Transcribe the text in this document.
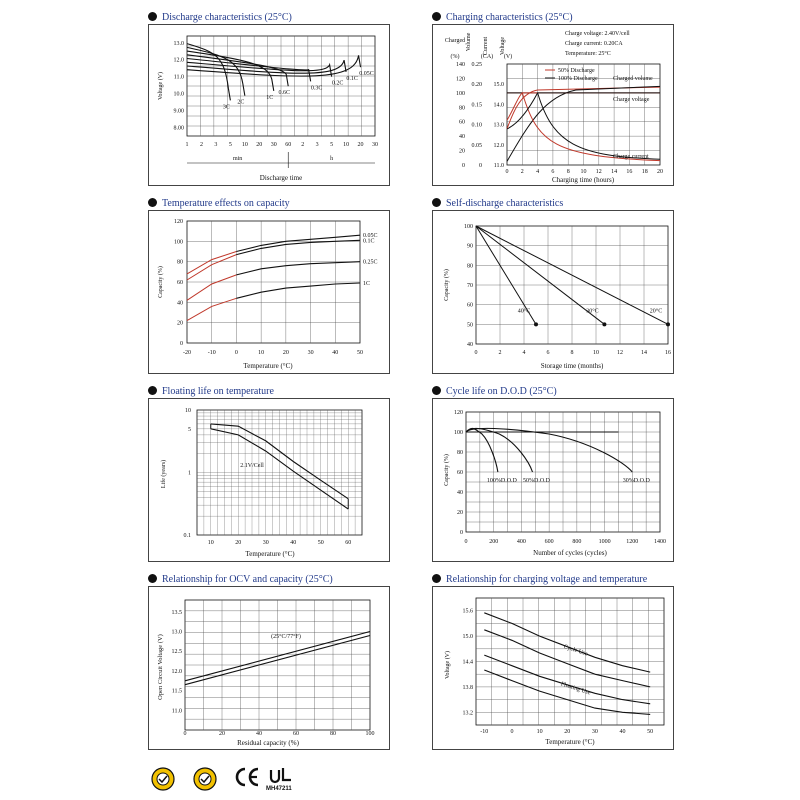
Discharge characteristics (25°C)	Charging characteristics (25°C)
Temperature effects on capacity	Self-discharge characteristics
Floating life on temperature	Cycle life on D.O.D (25°C)
Relationship for OCV and capacity (25°C)	Relationship for charging voltage and temperature
1 2 3 5 10 20 30 60 2 3 5 10 20 30
13.0
12.0
11.0
10.0
9.00
8.00
Voltage (V)
min	h
Discharge time
3C
2C
1C
0.6C
0.3C
0.2C
0.1C
0.05C
0 2 4 6 8 10 12 14 16 18 20
Charging time (hours)
0
20
40
60
80
100
120
140
0
0.05
0.10
0.15
0.20
0.25
11.0
12.0
13.0
14.0
15.0
Charged
(%)
Volume Current
(CA)
Voltage
(V)
Charge voltage: 2.40V/cell
Charge current: 0.20CA
Temperature: 25°C
50% Discharge
100% Discharge	Charged volume
Charge voltage
Charge current
-20	-10	0	10	20	30	40	50
0
20
40
60
80
100
120
Capacity (%)
Temperature (°C)
0.05C
0.1C
0.25C
1C
0	2	4	6	8	10	12	14	16
40
50
60
70
80
90
100
Capacity (%)
Storage time (months)
40°C	30°C	20°C
10	20	30	40	50	60
0.1
1
5
10
Life (years)
Temperature (°C)
2.1V/Cell
0	200	400	600	800	1000	1200	1400
0
20
40
60
80
100
120
Capacity (%)
Number of cycles (cycles)
100%D.O.D 50%D.O.D	30%D.O.D
0	20	40	60	80	100
11.0
11.5
12.0
12.5
13.0
13.5
Open Circuit Voltage (V)
Residual capacity (%)
(25°C/77°F)
-10	0	10	20	30	40	50
13.2
13.8
14.4
15.0
15.6
Voltage (V)
Temperature (°C)
Cycle Use
Floating Use
MH47211
